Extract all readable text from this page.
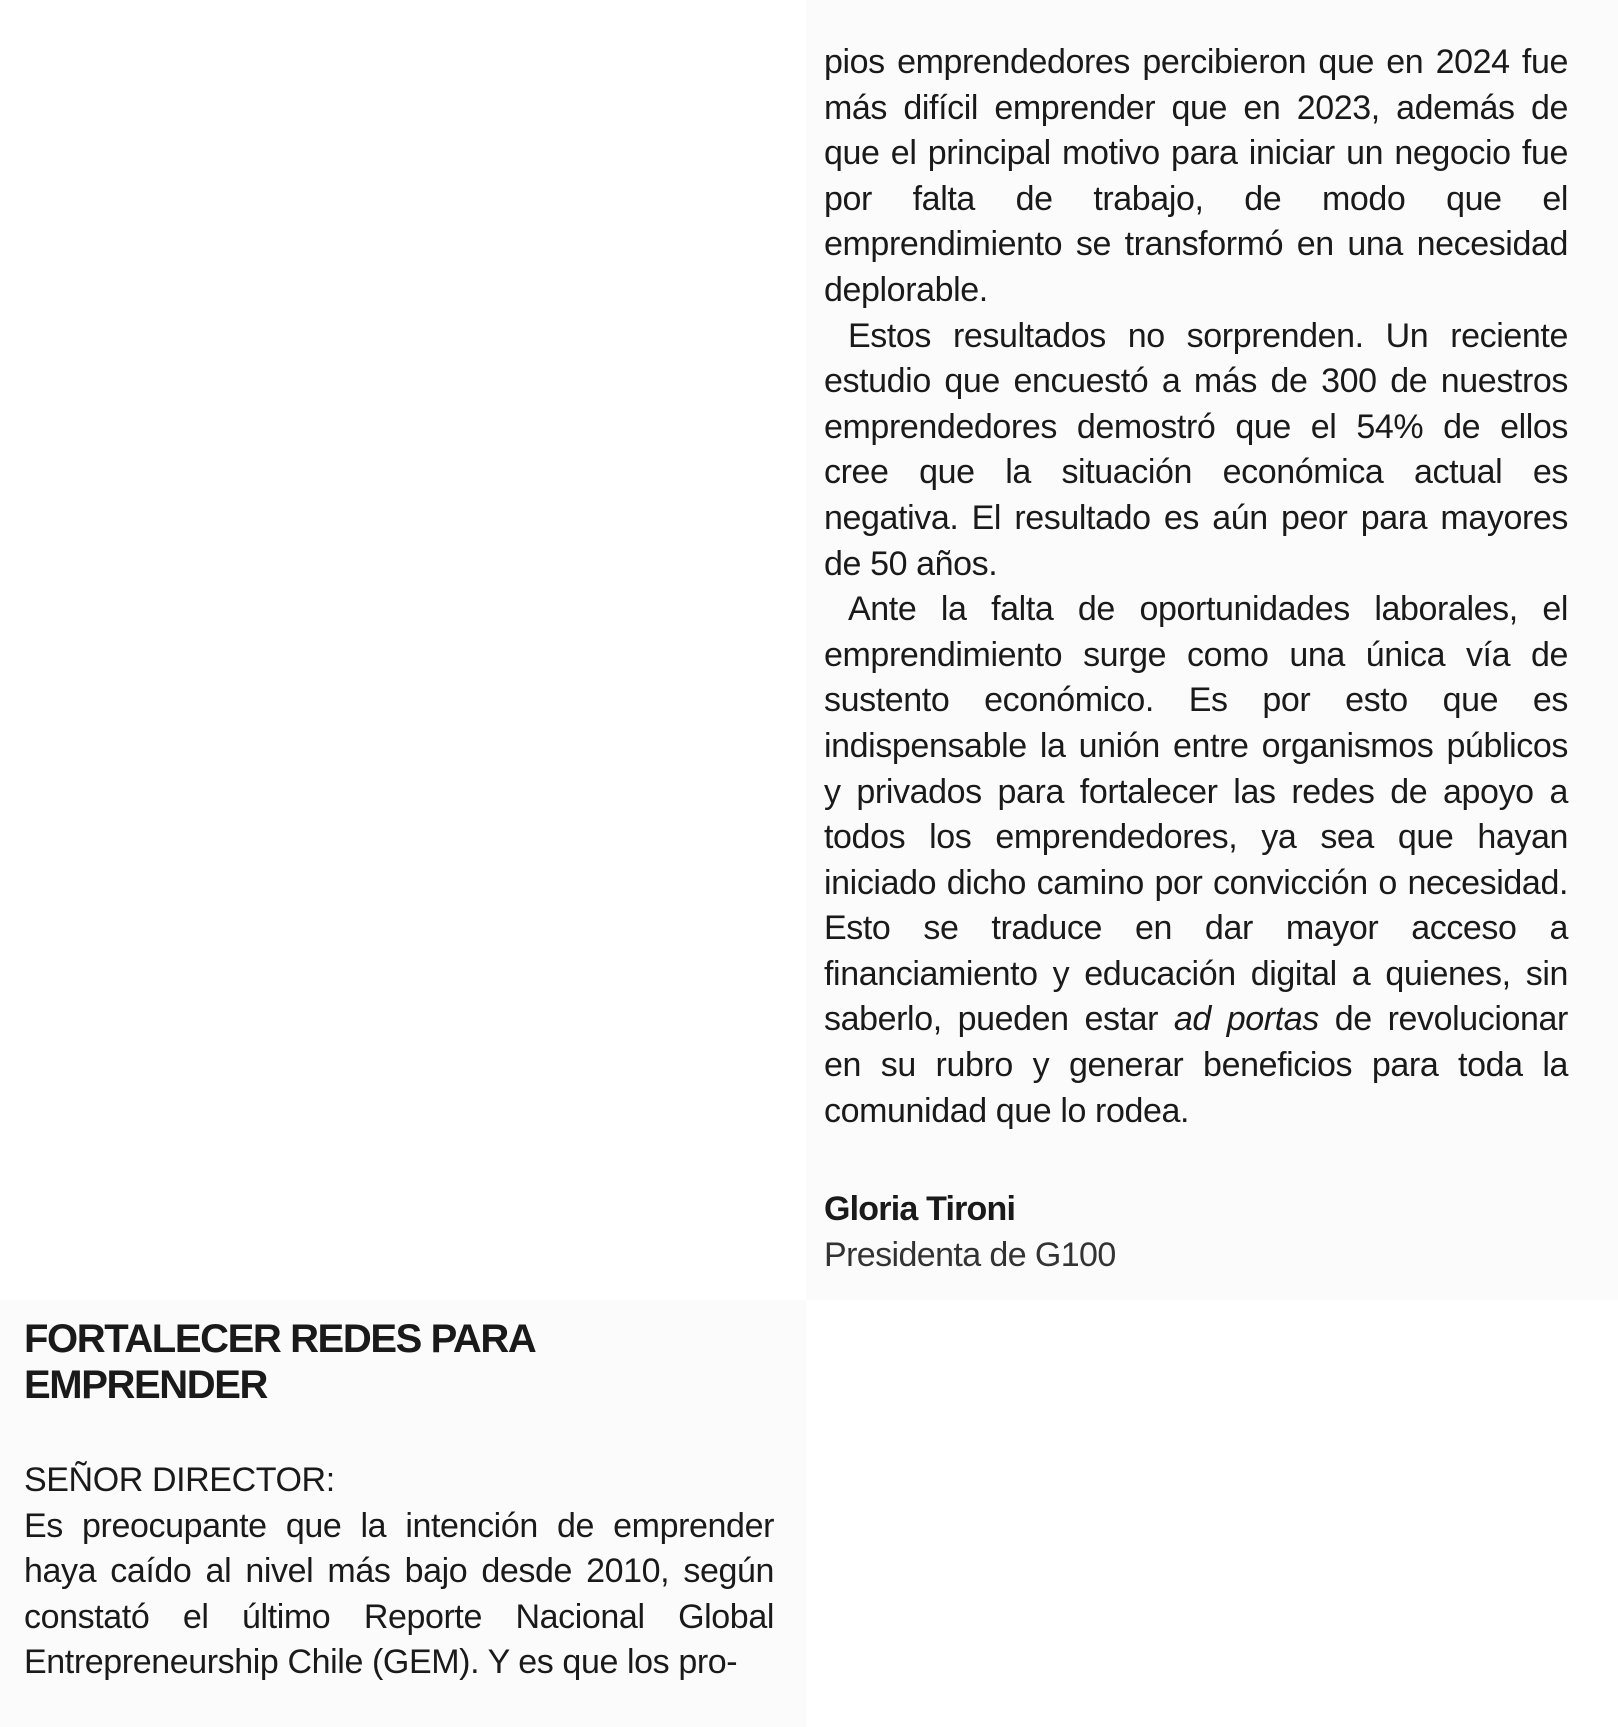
pios emprendedores percibieron que en 2024 fue más difícil emprender que en 2023, además de que el principal motivo para iniciar un negocio fue por falta de trabajo, de modo que el emprendimiento se transformó en una necesidad deplorable.

Estos resultados no sorprenden. Un reciente estudio que encuestó a más de 300 de nuestros emprendedores demostró que el 54% de ellos cree que la situación económica actual es negativa. El resultado es aún peor para mayores de 50 años.

Ante la falta de oportunidades laborales, el emprendimiento surge como una única vía de sustento económico. Es por esto que es indispensable la unión entre organismos públicos y privados para fortalecer las redes de apoyo a todos los emprendedores, ya sea que hayan iniciado dicho camino por convicción o necesidad. Esto se traduce en dar mayor acceso a financiamiento y educación digital a quienes, sin saberlo, pueden estar ad portas de revolucionar en su rubro y generar beneficios para toda la comunidad que lo rodea.

Gloria Tironi
Presidenta de G100
FORTALECER REDES PARA EMPRENDER

SEÑOR DIRECTOR:

Es preocupante que la intención de emprender haya caído al nivel más bajo desde 2010, según constató el último Reporte Nacional Global Entrepreneurship Chile (GEM). Y es que los pro-
